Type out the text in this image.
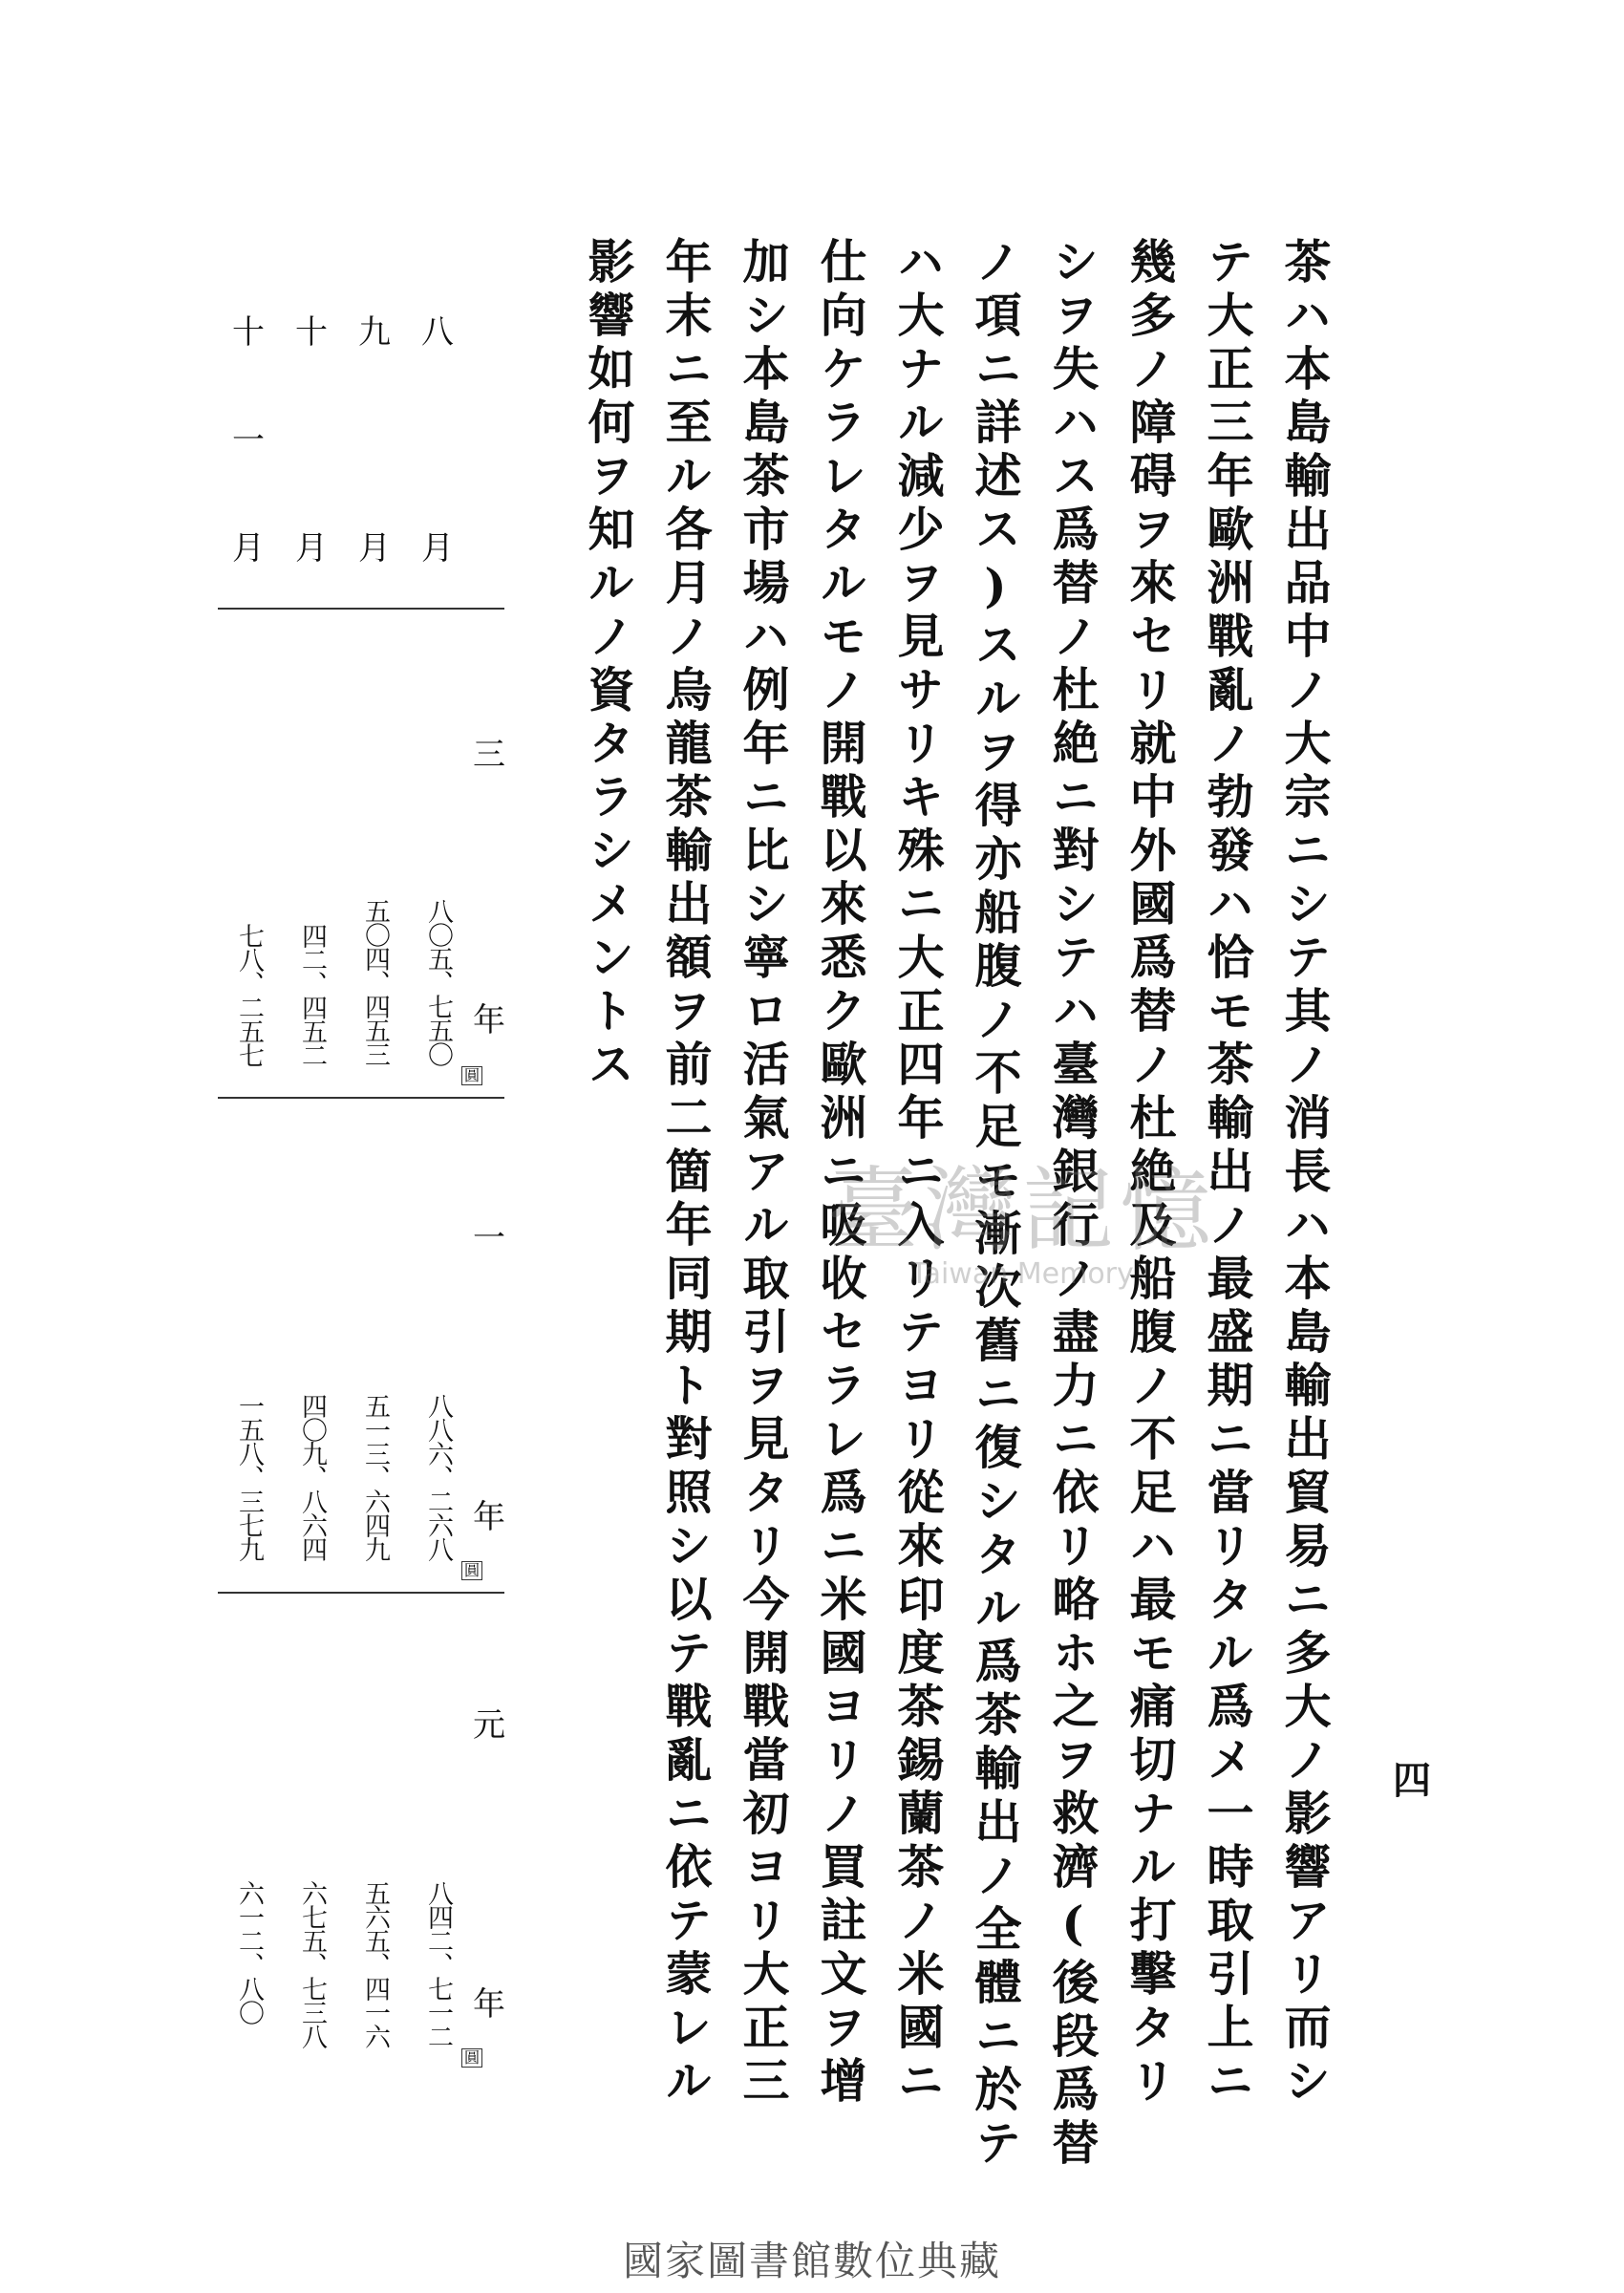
四
茶ハ本島輸出品中ノ大宗ニシテ其ノ消長ハ本島輸出貿易ニ多大ノ影響アリ而シ
テ大正三年歐洲戰亂ノ勃發ハ恰モ茶輸出ノ最盛期ニ當リタル爲メ一時取引上ニ
幾多ノ障碍ヲ來セリ就中外國爲替ノ杜絶及船腹ノ不足ハ最モ痛切ナル打擊タリ
シヲ失ハス爲替ノ杜絶ニ對シテハ臺灣銀行ノ盡力ニ依リ略ホ之ヲ救濟(後段爲替
ノ項ニ詳述ス)スルヲ得亦船腹ノ不足モ漸次舊ニ復シタル爲茶輸出ノ全體ニ於テ
ハ大ナル減少ヲ見サリキ殊ニ大正四年ニ入リテヨリ從來印度茶錫蘭茶ノ米國ニ
仕向ケラレタルモノ開戰以來悉ク歐洲ニ吸收セラレ爲ニ米國ヨリノ買註文ヲ增
加シ本島茶市場ハ例年ニ比シ寧ロ活氣アル取引ヲ見タリ今開戰當初ヨリ大正三
年末ニ至ル各月ノ烏龍茶輸出額ヲ前二箇年同期ト對照シ以テ戰亂ニ依テ蒙レル
影響如何ヲ知ルノ資タラシメントス
三
年
一
年
元
年
八
月
九
月
十
月
十
一
月
八〇五、七五〇
五〇四、四五三
四二、四五二
七八、二五七
圓
八八六、二六八
五一三、六四九
四〇九、八六四
一五八、三七九
圓
八四二、七一二
五六五、四一六
六七五、七三八
六一二、八〇
圓
臺灣記憶
Taiwan Memory
國家圖書館數位典藏
